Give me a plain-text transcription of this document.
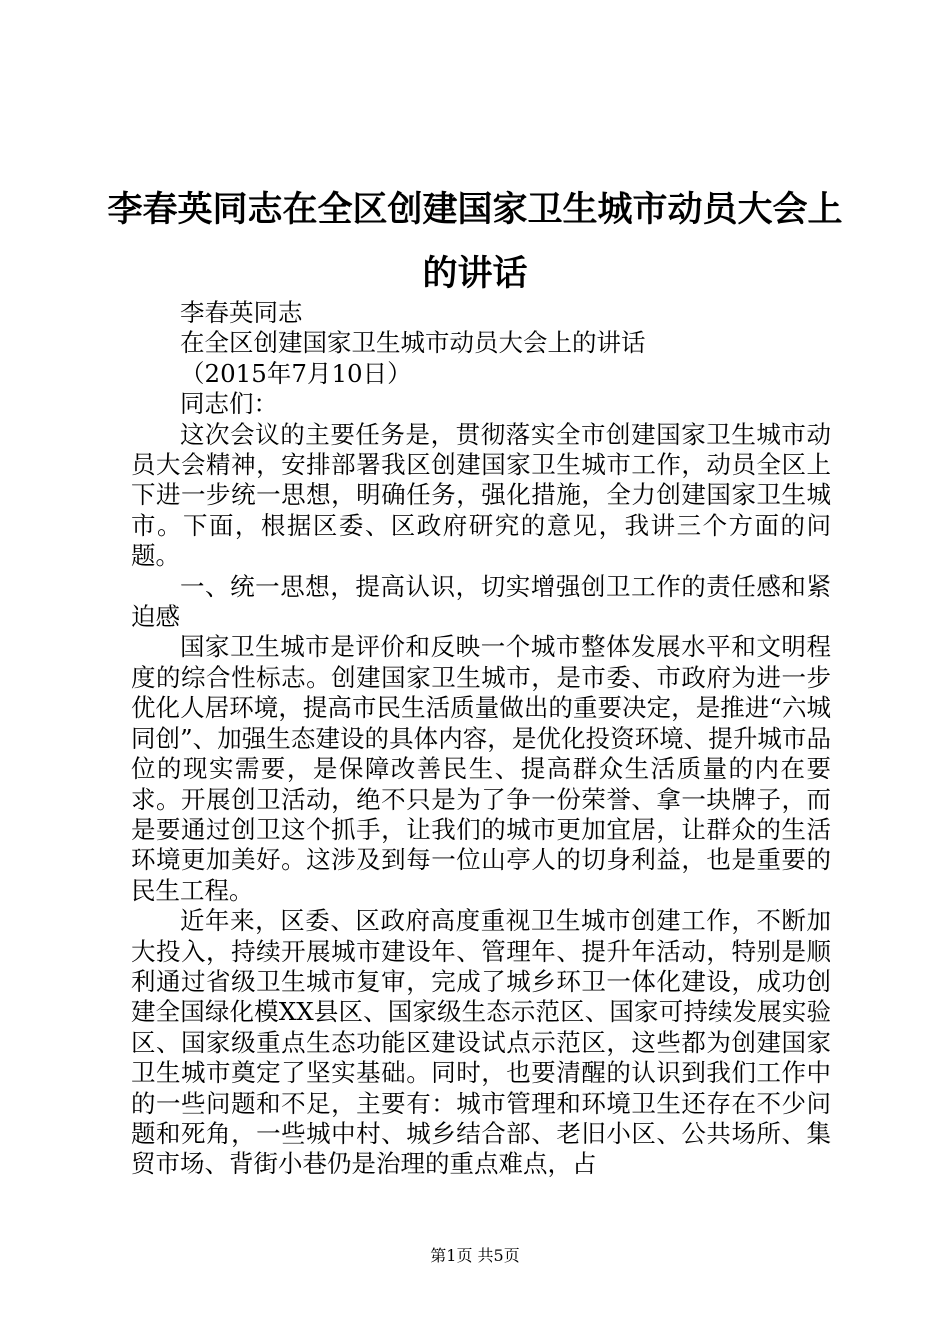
李春英同志在全区创建国家卫生城市动员大会上的讲话

李春英同志

在全区创建国家卫生城市动员大会上的讲话

（2015年7月10日）

同志们：

这次会议的主要任务是，贯彻落实全市创建国家卫生城市动员大会精神，安排部署我区创建国家卫生城市工作，动员全区上下进一步统一思想，明确任务，强化措施，全力创建国家卫生城市。下面，根据区委、区政府研究的意见，我讲三个方面的问题。

一、统一思想，提高认识，切实增强创卫工作的责任感和紧迫感

国家卫生城市是评价和反映一个城市整体发展水平和文明程度的综合性标志。创建国家卫生城市，是市委、市政府为进一步优化人居环境，提高市民生活质量做出的重要决定，是推进“六城同创”、加强生态建设的具体内容，是优化投资环境、提升城市品位的现实需要，是保障改善民生、提高群众生活质量的内在要求。开展创卫活动，绝不只是为了争一份荣誉、拿一块牌子，而是要通过创卫这个抓手，让我们的城市更加宜居，让群众的生活环境更加美好。这涉及到每一位山亭人的切身利益，也是重要的民生工程。

近年来，区委、区政府高度重视卫生城市创建工作，不断加大投入，持续开展城市建设年、管理年、提升年活动，特别是顺利通过省级卫生城市复审，完成了城乡环卫一体化建设，成功创建全国绿化模XX县区、国家级生态示范区、国家可持续发展实验区、国家级重点生态功能区建设试点示范区，这些都为创建国家卫生城市奠定了坚实基础。同时，也要清醒的认识到我们工作中的一些问题和不足，主要有：城市管理和环境卫生还存在不少问题和死角，一些城中村、城乡结合部、老旧小区、公共场所、集贸市场、背街小巷仍是治理的重点难点，占

第1页 共5页
